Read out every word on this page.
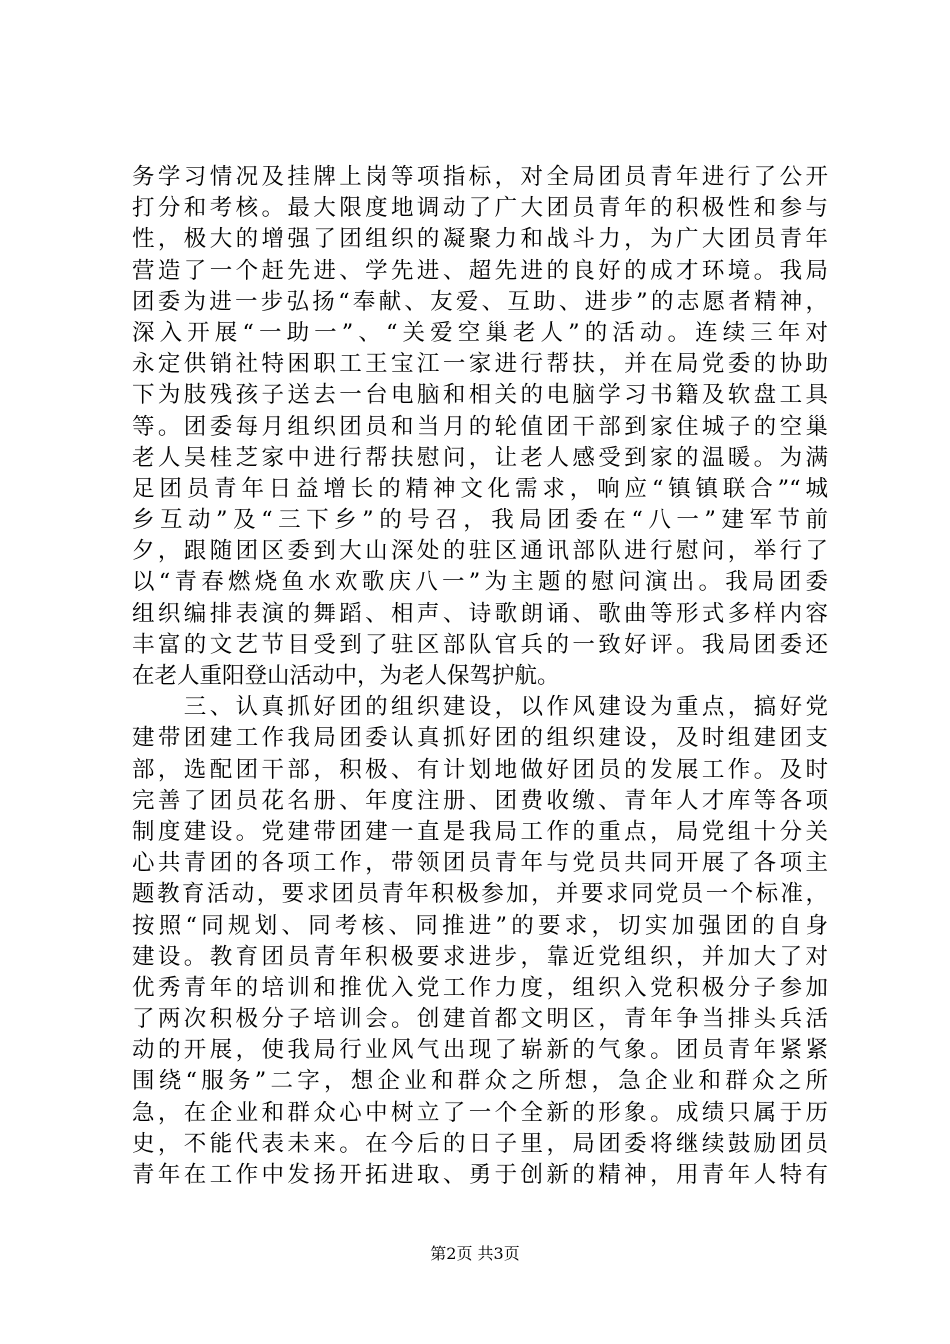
务学习情况及挂牌上岗等项指标，对全局团员青年进行了公开
打分和考核。最大限度地调动了广大团员青年的积极性和参与
性，极大的增强了团组织的凝聚力和战斗力，为广大团员青年
营造了一个赶先进、学先进、超先进的良好的成才环境。我局
团委为进一步弘扬“奉献、友爱、互助、进步”的志愿者精神，
深入开展“一助一”、“关爱空巢老人”的活动。连续三年对
永定供销社特困职工王宝江一家进行帮扶，并在局党委的协助
下为肢残孩子送去一台电脑和相关的电脑学习书籍及软盘工具
等。团委每月组织团员和当月的轮值团干部到家住城子的空巢
老人吴桂芝家中进行帮扶慰问，让老人感受到家的温暖。为满
足团员青年日益增长的精神文化需求，响应“镇镇联合”“城
乡互动”及“三下乡”的号召，我局团委在“八一”建军节前
夕，跟随团区委到大山深处的驻区通讯部队进行慰问，举行了
以“青春燃烧鱼水欢歌庆八一”为主题的慰问演出。我局团委
组织编排表演的舞蹈、相声、诗歌朗诵、歌曲等形式多样内容
丰富的文艺节目受到了驻区部队官兵的一致好评。我局团委还
在老人重阳登山活动中，为老人保驾护航。
　　三、认真抓好团的组织建设，以作风建设为重点，搞好党
建带团建工作我局团委认真抓好团的组织建设，及时组建团支
部，选配团干部，积极、有计划地做好团员的发展工作。及时
完善了团员花名册、年度注册、团费收缴、青年人才库等各项
制度建设。党建带团建一直是我局工作的重点，局党组十分关
心共青团的各项工作，带领团员青年与党员共同开展了各项主
题教育活动，要求团员青年积极参加，并要求同党员一个标准，
按照“同规划、同考核、同推进”的要求，切实加强团的自身
建设。教育团员青年积极要求进步，靠近党组织，并加大了对
优秀青年的培训和推优入党工作力度，组织入党积极分子参加
了两次积极分子培训会。创建首都文明区，青年争当排头兵活
动的开展，使我局行业风气出现了崭新的气象。团员青年紧紧
围绕“服务”二字，想企业和群众之所想，急企业和群众之所
急，在企业和群众心中树立了一个全新的形象。成绩只属于历
史，不能代表未来。在今后的日子里，局团委将继续鼓励团员
青年在工作中发扬开拓进取、勇于创新的精神，用青年人特有
第2页 共3页
